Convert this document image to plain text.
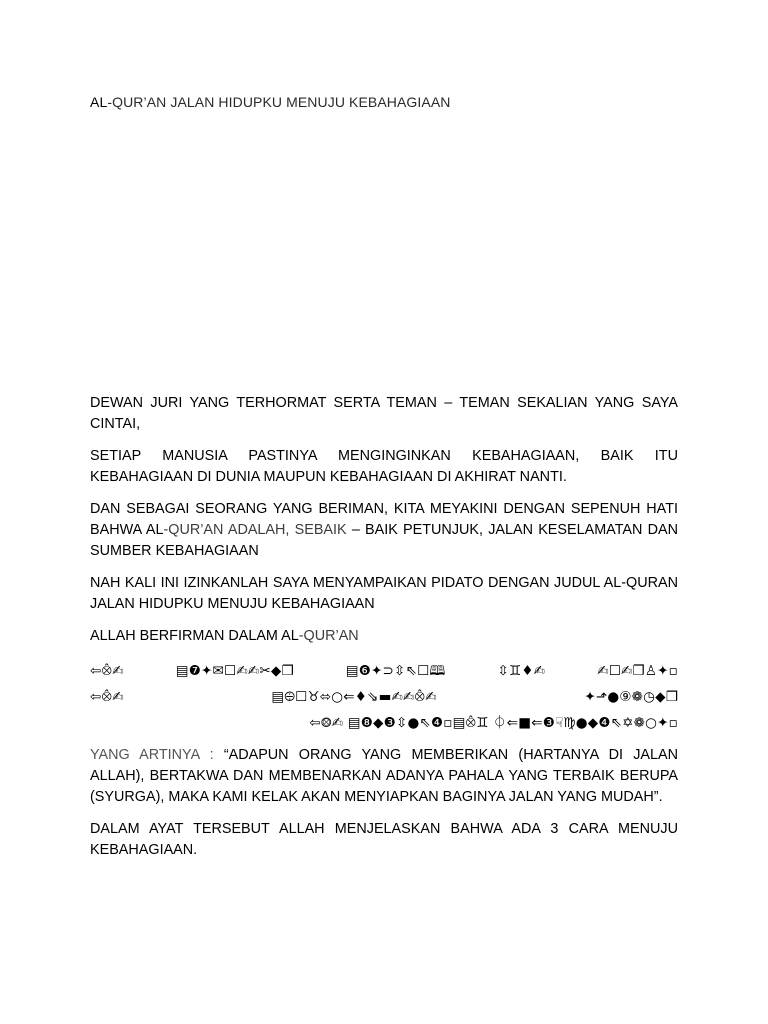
AL-QUR’AN JALAN HIDUPKU MENUJU KEBAHAGIAAN

DEWAN JURI YANG TERHORMAT SERTA TEMAN – TEMAN SEKALIAN YANG SAYA CINTAI,

SETIAP MANUSIA PASTINYA MENGINGINKAN KEBAHAGIAAN, BAIK ITU KEBAHAGIAAN DI DUNIA MAUPUN KEBAHAGIAAN DI AKHIRAT NANTI.

DAN SEBAGAI SEORANG YANG BERIMAN, KITA MEYAKINI DENGAN SEPENUH HATI BAHWA AL-QUR’AN ADALAH, SEBAIK – BAIK PETUNJUK, JALAN KESELAMATAN DAN SUMBER KEBAHAGIAAN

NAH KALI INI IZINKANLAH SAYA MENYAMPAIKAN PIDATO DENGAN JUDUL AL-QURAN JALAN HIDUPKU MENUJU KEBAHAGIAAN

ALLAH BERFIRMAN DALAM AL-QUR’AN

⇦⨶✍	▤❼✦✉☐✍✍✂◆❒	▤❻✦⊃⇳⇖☐🕮	⇳♊♦✍	✍☐✍❐♙✦▫
⇦⨶✍	▤⨸☐♉⬄○⇐♦⇘▬✍✍⨶✍	✦⬏●⑨❁◷◆❒
⇦⨷✍ ▤❽◆❸⇳●⇖❹▫▤⨶♊ ⏀⇐■⇐❸☟♍●◆❹⇖✡❁○✦▫

YANG ARTINYA : “ADAPUN ORANG YANG MEMBERIKAN (HARTANYA DI JALAN ALLAH), BERTAKWA DAN MEMBENARKAN ADANYA PAHALA YANG TERBAIK BERUPA (SYURGA), MAKA KAMI KELAK AKAN MENYIAPKAN BAGINYA JALAN YANG MUDAH”.

DALAM AYAT TERSEBUT ALLAH MENJELASKAN BAHWA ADA 3 CARA MENUJU KEBAHAGIAAN.
